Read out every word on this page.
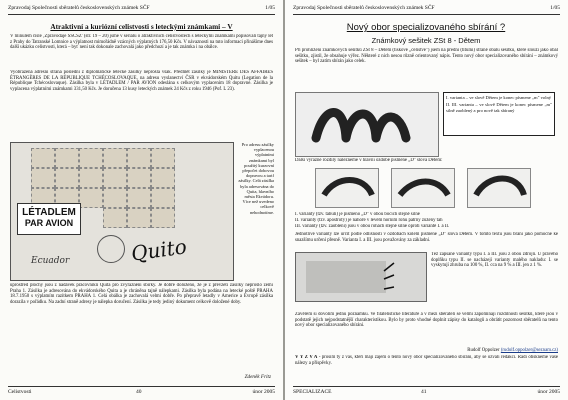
Zpravodaj Společnosti sběratelů československých známek SČF	1/05
Atraktivní a kuriózní celistvosti s leteckými známkami – V
V minulém čísle ‚Zpravodaje SSČSZ' (str. 19 – 20) jsme v seriálu o atraktivních celistvostech s leteckými známkami popisovali tajný let z Prahy do Tatranské Lomnice a výplatnost mimořádně vzácných výplatných 176,50 Kčs. V návaznosti na tuto informaci přinášíme dnes další ukázku celistvosti, která – byť není tak dokonale zachovalá jako předchozí a je tak známka i na obálce.
Vyobrazená adresní strana poslední z diplomatické letecké zásilky neprošla však. Předmět zásilky je MINISTÈRE DES AFFAIRES ÉTRANGÈRES DE LA RÉPUBLIQUE TCHÉCOSLOVAQUE, na adresu vyslanectví ČSR v ekvádorském Quitu (Legation de la République Tchécoslovaque). Zásilka byla v LÉTADLEM / PAR AVION odeslána s celkovým vyplacením 18 dopravné. Zásilka je vyplacena výplatními známkami 331,50 Kčs. Je doručena 13 kusy leteckých známek 24 Kčs z roku 1946 (Pof. L 23).
LÉTADLEM
PAR AVION
Quito
Ecuador
Pro adresu zásilky vyplacenou výplatními známkami byl použitý kurzovní přepočet dobovou dopravou a tarif zásilky. Celá zásilka byla adresována do Quita, hlavního města Ekvádoru. Více než uvedeno celkově nehodnotíme.
uprostřed plochy jsou z nadávek pracovníků Quita pro zvýraznění sbírky. Je dobře doloženo, že je z převzetí zásilky neprošlo zemí Praha 1. Zásilka je adresována do ekvádorského Quita a je chráněna tajně nálepkami. Zásilka byla podána na letecké poště PRAHA 18.7.1950 s výplatním razítkem PRAHA 1. Celá obálka je zachovalá velmi dobře. Po přepravě letadly v Americe a Evropě zásilka dorazila v pořádku. Na zadní straně adresy je nálepka doručení. Zásilka je tedy jediný dokument celkově doložené doby.
Zdeněk Fritz
Celistvosti	40	únor 2005
Zpravodaj Společnosti sběratelů československých známek SČF	1/05
Nový obor specializovaného sbírání ?
Známkový sešitek ZSt 8 - Dětem
Při prohlížení známkových sešitků ZSt 8 – Dětem (tiskové „celistvé") jsem na přední (titulní) straně obalu sešitku, které slouží jako obal sešitku, zjistil, že obsahuje výřez. Některé z nich nesou různě orientovaný nápis. Tento nový obor specializovaného sbírání – známkový sešitek – byl zatím sbírán jako celek.
I. varianta – ve slově Dětem je konec písmene „m" volný
II. III. varianta – ve slově Dětem je konec písmene „m" silně zaoblený a pro nově tak sbíraný
Další výrazné rozdíly nalezneme v hlavní ozdobě písmene „D" slova Dětem:
I. varianty (tzv. tabuli) je písmeno „D" v obou bocích stejně silné
II. varianty (tzv. apostrofy) je nahoře v levém horním rohu patrný zúžený tah
III. varianty (tzv. zaoblení) jsou v obou rohách stejně silné oproti variantě I. a II.
Jednotlivé varianty lze určit podle odlišností v ozdobách kolem písmene „D" slova Dětem. V tomto textu jsou bráni jako pomocné ke snazšímu určení přesně. Varianta I. a III. jsou považovány za základní.
Též zapsané varianty typu I. a III. jsou z obou zdrojů. U pravého doplňku typu II. se nacházejí varianty malého nakladu: I. se vyskytují zhruba na 100 %, II. cca na 9 % a III. jen z 1 %.
Závěrem si dovolím jednu poznámku. Ve filatelistické literatuře a v mezi sběrateli se velmi zapomínají rozdílnosti sešitků, které jsou v podstatě jejich nejpodstatnější charakteristikou. Bylo by proto vhodné doplnit zápisy do katalogů a obrátit pozornost sběratelů na tento nový obor specializovaného sbírání.
Rudolf Oppolzer (rudolf.oppolzer@seznam.cz)
V Ý Z V A - prosím ty z vás, kteří mají zájem o tento nový obor specializovaného sbírání, aby se ozvali redakci. Rádi otiskneme vaše nálezy a příspěvky.
SPECIALIZACE	41	únor 2005
